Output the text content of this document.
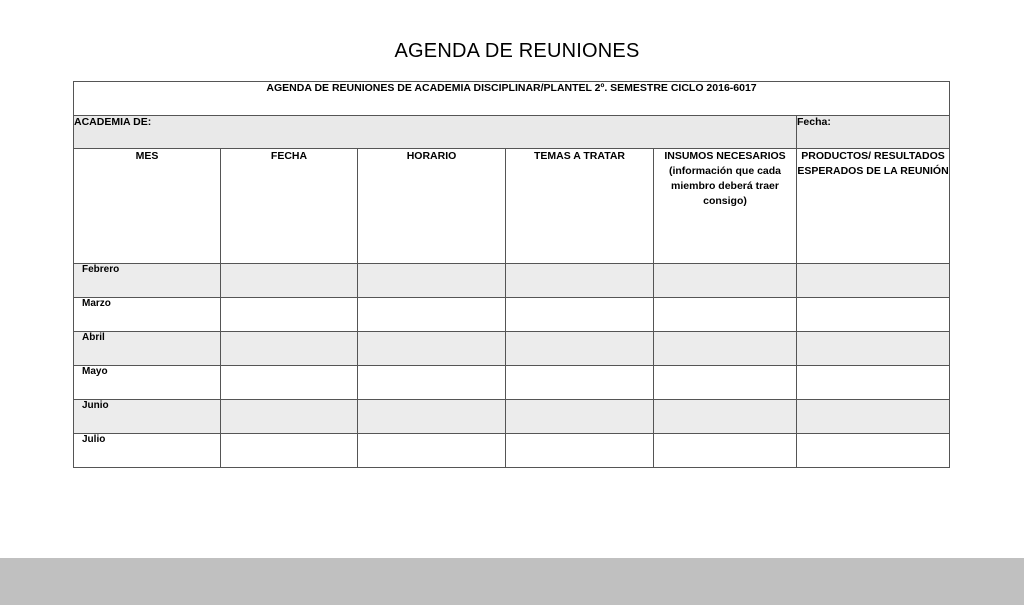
AGENDA DE REUNIONES
AGENDA DE REUNIONES DE ACADEMIA DISCIPLINAR/PLANTEL 2º. SEMESTRE CICLO 2016-6017					
ACADEMIA DE:					Fecha:
MES	FECHA	HORARIO	TEMAS A TRATAR	INSUMOS NECESARIOS (información que cada miembro deberá traer consigo)	PRODUCTOS/ RESULTADOS ESPERADOS DE LA REUNIÓN
Febrero					
Marzo					
Abril					
Mayo					
Junio					
Julio					
